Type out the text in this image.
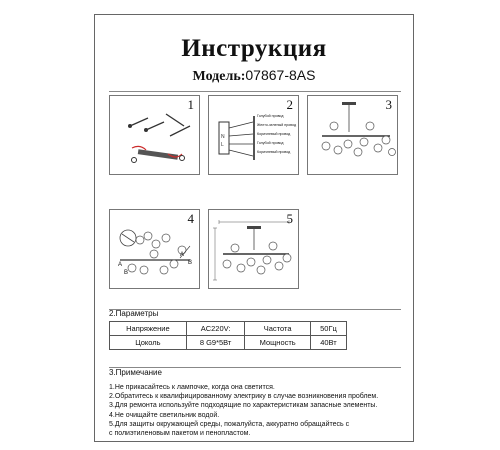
Инструкция
Модель:07867-8AS
1	2
N
L
Голубой провод
Желто-зеленый провод
Коричневый провод
Голубой провод
Коричневый провод
3
4
A
B
A
B
5
2.Параметры
Напряжение	AC220V:	Частота	50Гц
Цоколь	8 G9*5Вт	Мощность	40Вт
3.Примечание
1.Не прикасайтесь к лампочке, когда она светится.
2.Обратитесь к квалифицированному электрику в случае возникновения проблем.
3.Для ремонта используйте подходящие по характеристикам запасные элементы.
4.Не очищайте светильник водой.
5.Для защиты окружающей среды, пожалуйста, аккуратно обращайтесь с
с полиэтиленовым пакетом и пенопластом.
